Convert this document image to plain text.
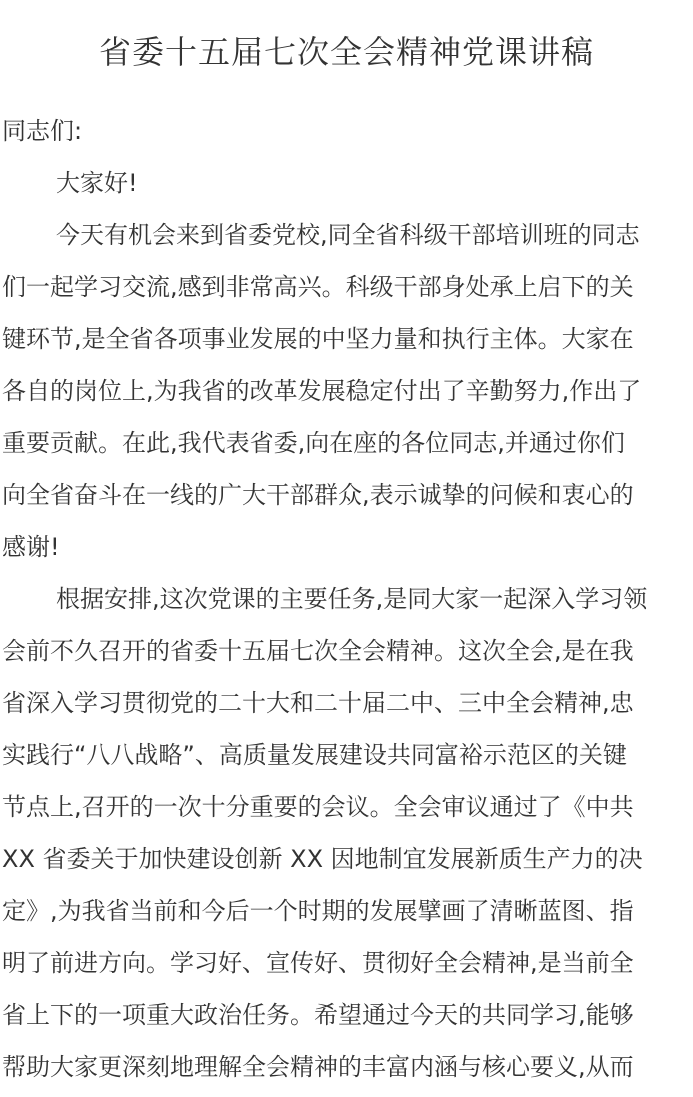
省委十五届七次全会精神党课讲稿
同志们:
大家好!
今天有机会来到省委党校,同全省科级干部培训班的同志
们一起学习交流,感到非常高兴。科级干部身处承上启下的关
键环节,是全省各项事业发展的中坚力量和执行主体。大家在
各自的岗位上,为我省的改革发展稳定付出了辛勤努力,作出了
重要贡献。在此,我代表省委,向在座的各位同志,并通过你们
向全省奋斗在一线的广大干部群众,表示诚挚的问候和衷心的
感谢!
根据安排,这次党课的主要任务,是同大家一起深入学习领
会前不久召开的省委十五届七次全会精神。这次全会,是在我
省深入学习贯彻党的二十大和二十届二中、三中全会精神,忠
实践行“八八战略”、高质量发展建设共同富裕示范区的关键
节点上,召开的一次十分重要的会议。全会审议通过了《中共
XX 省委关于加快建设创新 XX 因地制宜发展新质生产力的决
定》,为我省当前和今后一个时期的发展擘画了清晰蓝图、指
明了前进方向。学习好、宣传好、贯彻好全会精神,是当前全
省上下的一项重大政治任务。希望通过今天的共同学习,能够
帮助大家更深刻地理解全会精神的丰富内涵与核心要义,从而
